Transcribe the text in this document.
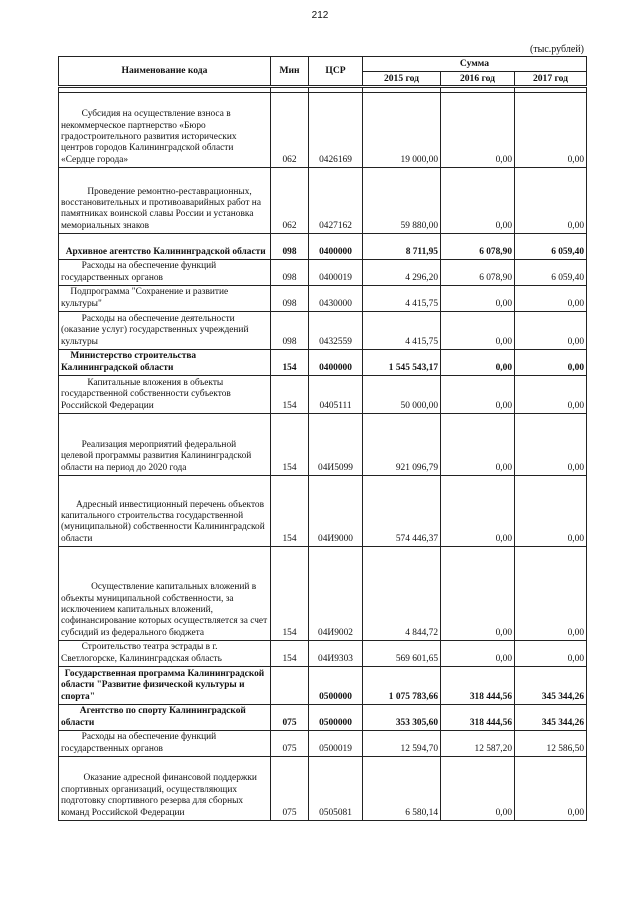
212
(тыс.рублей)
Наименование кода	Мин	ЦСР	Сумма		
			2015 год	2016 год	2017 год

Субсидия на осуществление взноса в некоммерческое партнерство «Бюро градостроительного развития исторических центров городов Калининградской области «Сердце города»	062	0426169	19 000,00	0,00	0,00

Проведение ремонтно-реставрационных, восстановительных и противоаварийных работ на памятниках воинской славы России и установка мемориальных знаков	062	0427162	59 880,00	0,00	0,00

Архивное агентство Калининградской области	098	0400000	8 711,95	6 078,90	6 059,40

Расходы на обеспечение функций государственных органов	098	0400019	4 296,20	6 078,90	6 059,40

Подпрограмма "Сохранение и развитие культуры"	098	0430000	4 415,75	0,00	0,00

Расходы на обеспечение деятельности (оказание услуг) государственных учреждений культуры	098	0432559	4 415,75	0,00	0,00

Министерство строительства Калининградской области	154	0400000	1 545 543,17	0,00	0,00

Капитальные вложения в объекты государственной собственности субъектов Российской Федерации	154	0405111	50 000,00	0,00	0,00

Реализация мероприятий федеральной целевой программы развития Калининградской области на период до 2020 года	154	04И5099	921 096,79	0,00	0,00

Адресный инвестиционный перечень объектов капитального строительства государственной (муниципальной) собственности Калининградской области	154	04И9000	574 446,37	0,00	0,00

Осуществление капитальных вложений в объекты муниципальной собственности, за исключением капитальных вложений, софинансирование которых осуществляется за счет субсидий из федерального бюджета	154	04И9002	4 844,72	0,00	0,00

Строительство театра эстрады в г. Светлогорске, Калининградская область	154	04И9303	569 601,65	0,00	0,00

Государственная программа Калининградской области "Развитие физической культуры и спорта"		0500000	1 075 783,66	318 444,56	345 344,26

Агентство по спорту Калининградской области	075	0500000	353 305,60	318 444,56	345 344,26

Расходы на обеспечение функций государственных органов	075	0500019	12 594,70	12 587,20	12 586,50

Оказание адресной финансовой поддержки спортивных организаций, осуществляющих подготовку спортивного резерва для сборных команд Российской Федерации	075	0505081	6 580,14	0,00	0,00
